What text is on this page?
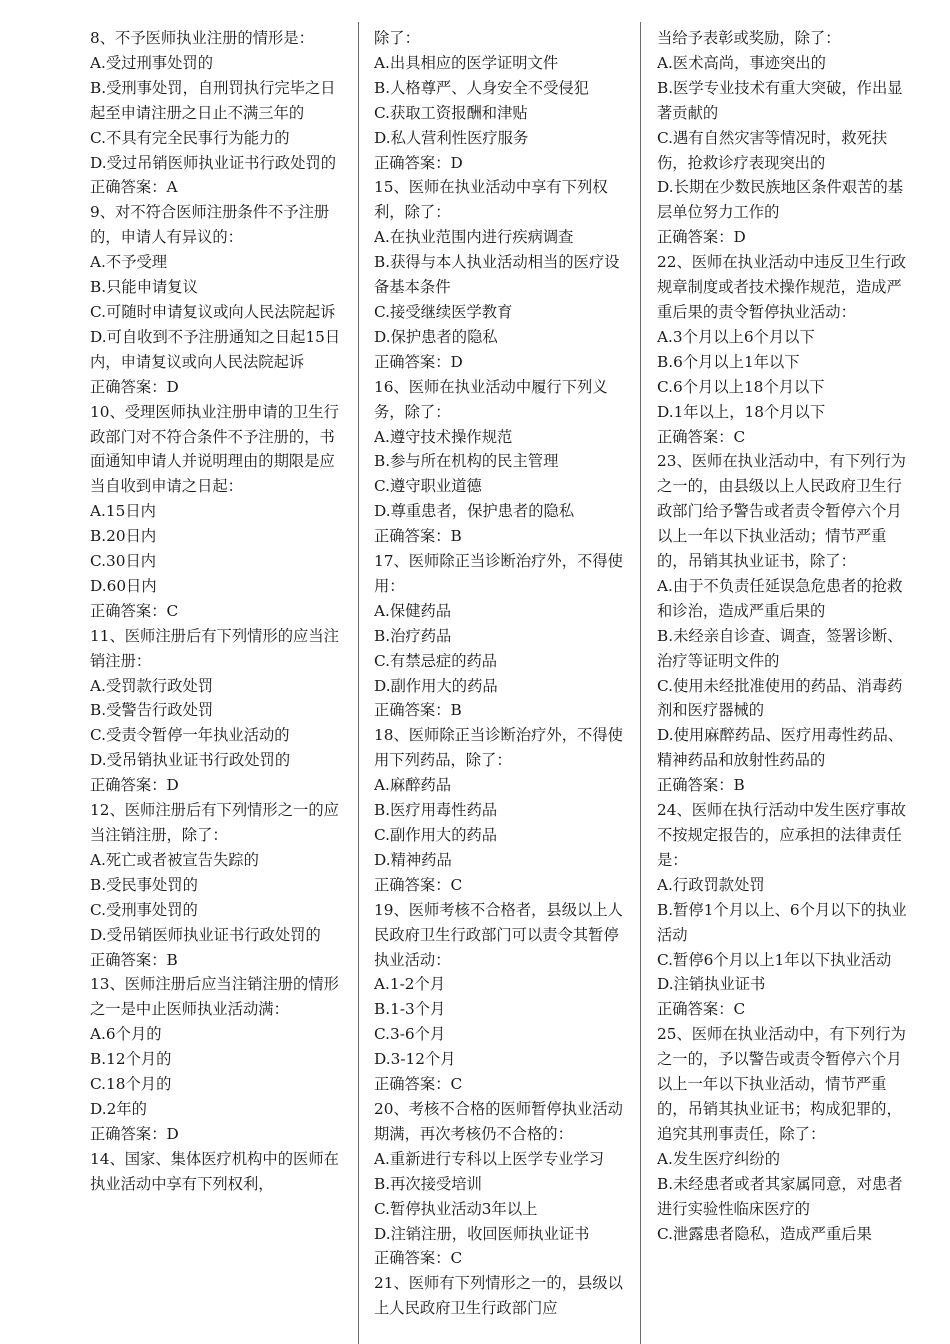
8、不予医师执业注册的情形是：

A.受过刑事处罚的

B.受刑事处罚，自刑罚执行完毕之日起至申请注册之日止不满三年的

C.不具有完全民事行为能力的

D.受过吊销医师执业证书行政处罚的

正确答案：A

9、对不符合医师注册条件不予注册的，申请人有异议的：

A.不予受理

B.只能申请复议

C.可随时申请复议或向人民法院起诉

D.可自收到不予注册通知之日起15日内，申请复议或向人民法院起诉

正确答案：D

10、受理医师执业注册申请的卫生行政部门对不符合条件不予注册的，书面通知申请人并说明理由的期限是应当自收到申请之日起：

A.15日内

B.20日内

C.30日内

D.60日内

正确答案：C

11、医师注册后有下列情形的应当注销注册：

A.受罚款行政处罚

B.受警告行政处罚

C.受责令暂停一年执业活动的

D.受吊销执业证书行政处罚的

正确答案：D

12、医师注册后有下列情形之一的应当注销注册，除了：

A.死亡或者被宣告失踪的

B.受民事处罚的

C.受刑事处罚的

D.受吊销医师执业证书行政处罚的

正确答案：B

13、医师注册后应当注销注册的情形之一是中止医师执业活动满：

A.6个月的

B.12个月的

C.18个月的

D.2年的

正确答案：D

14、国家、集体医疗机构中的医师在执业活动中享有下列权利，

除了：

A.出具相应的医学证明文件

B.人格尊严、人身安全不受侵犯

C.获取工资报酬和津贴

D.私人营利性医疗服务

正确答案：D

15、医师在执业活动中享有下列权利，除了：

A.在执业范围内进行疾病调查

B.获得与本人执业活动相当的医疗设备基本条件

C.接受继续医学教育

D.保护患者的隐私

正确答案：D

16、医师在执业活动中履行下列义务，除了：

A.遵守技术操作规范

B.参与所在机构的民主管理

C.遵守职业道德

D.尊重患者，保护患者的隐私

正确答案：B

17、医师除正当诊断治疗外，不得使用：

A.保健药品

B.治疗药品

C.有禁忌症的药品

D.副作用大的药品

正确答案：B

18、医师除正当诊断治疗外，不得使用下列药品，除了：

A.麻醉药品

B.医疗用毒性药品

C.副作用大的药品

D.精神药品

正确答案：C

19、医师考核不合格者，县级以上人民政府卫生行政部门可以责令其暂停执业活动：

A.1-2个月

B.1-3个月

C.3-6个月

D.3-12个月

正确答案：C

20、考核不合格的医师暂停执业活动期满，再次考核仍不合格的：

A.重新进行专科以上医学专业学习

B.再次接受培训

C.暂停执业活动3年以上

D.注销注册，收回医师执业证书

正确答案：C

21、医师有下列情形之一的，县级以上人民政府卫生行政部门应

当给予表彰或奖励，除了：

A.医术高尚，事迹突出的

B.医学专业技术有重大突破，作出显著贡献的

C.遇有自然灾害等情况时，救死扶伤，抢救诊疗表现突出的

D.长期在少数民族地区条件艰苦的基层单位努力工作的

正确答案：D

22、医师在执业活动中违反卫生行政规章制度或者技术操作规范，造成严重后果的责令暂停执业活动：

A.3个月以上6个月以下

B.6个月以上1年以下

C.6个月以上18个月以下

D.1年以上，18个月以下

正确答案：C

23、医师在执业活动中，有下列行为之一的，由县级以上人民政府卫生行政部门给予警告或者责令暂停六个月以上一年以下执业活动；情节严重的，吊销其执业证书，除了：

A.由于不负责任延误急危患者的抢救和诊治，造成严重后果的

B.未经亲自诊查、调查，签署诊断、治疗等证明文件的

C.使用未经批准使用的药品、消毒药剂和医疗器械的

D.使用麻醉药品、医疗用毒性药品、精神药品和放射性药品的

正确答案：B

24、医师在执行活动中发生医疗事故不按规定报告的，应承担的法律责任是：

A.行政罚款处罚

B.暂停1个月以上、6个月以下的执业活动

C.暂停6个月以上1年以下执业活动

D.注销执业证书

正确答案：C

25、医师在执业活动中，有下列行为之一的，予以警告或责令暂停六个月以上一年以下执业活动，情节严重的，吊销其执业证书；构成犯罪的，追究其刑事责任，除了：

A.发生医疗纠纷的

B.未经患者或者其家属同意，对患者进行实验性临床医疗的

C.泄露患者隐私，造成严重后果
